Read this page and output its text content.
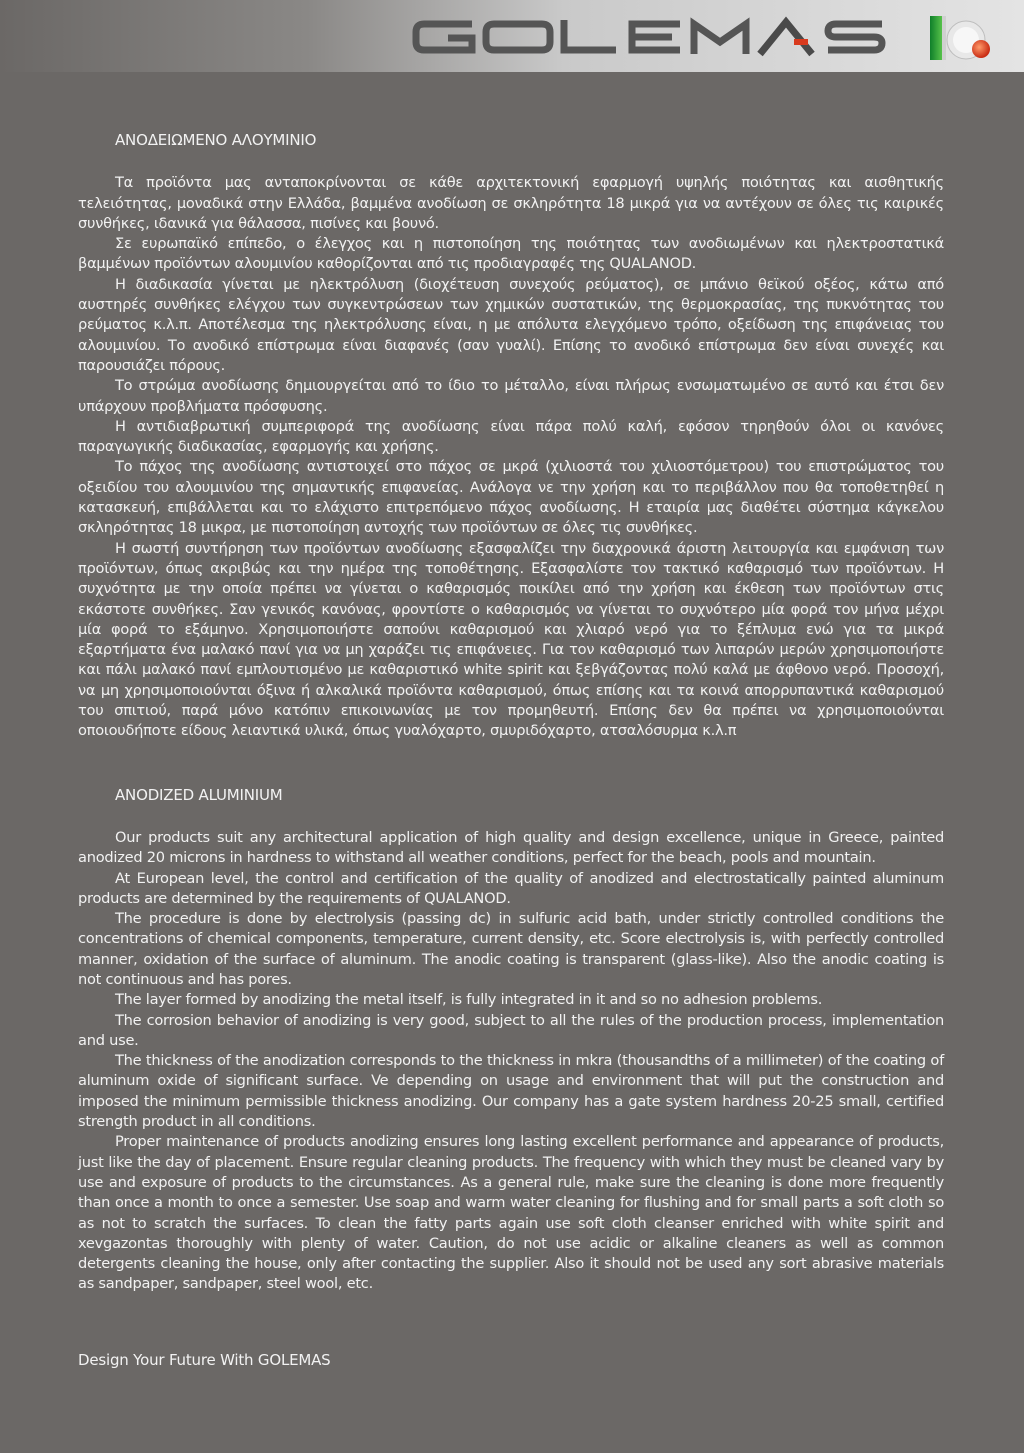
ΑΝΟΔΕΙΩΜΕΝΟ ΑΛΟΥΜΙΝΙΟ

Τα προϊόντα μας ανταποκρίνονται σε κάθε αρχιτεκτονική εφαρμογή υψηλής ποιότητας και αισθητικής τελειότητας, μοναδικά στην Ελλάδα, βαμμένα ανοδίωση σε σκληρότητα 18 μικρά για να αντέχουν σε όλες τις καιρικές συνθήκες, ιδανικά για θάλασσα, πισίνες και βουνό.

Σε ευρωπαϊκό επίπεδο, ο έλεγχος και η πιστοποίηση της ποιότητας των ανοδιωμένων και ηλεκτροστατικά βαμμένων προϊόντων αλουμινίου καθορίζονται από τις προδιαγραφές της QUALANOD.

Η διαδικασία γίνεται με ηλεκτρόλυση (διοχέτευση συνεχούς ρεύματος), σε μπάνιο θεϊκού οξέος, κάτω από αυστηρές συνθήκες ελέγχου των συγκεντρώσεων των χημικών συστατικών, της θερμοκρασίας, της πυκνότητας του ρεύματος κ.λ.π. Αποτέλεσμα της ηλεκτρόλυσης είναι, η με απόλυτα ελεγχόμενο τρόπο, οξείδωση της επιφάνειας του αλουμινίου. Το ανοδικό επίστρωμα είναι διαφανές (σαν γυαλί). Επίσης το ανοδικό επίστρωμα δεν είναι συνεχές και παρουσιάζει πόρους.

Το στρώμα ανοδίωσης δημιουργείται από το ίδιο το μέταλλο, είναι πλήρως ενσωματωμένο σε αυτό και έτσι δεν υπάρχουν προβλήματα πρόσφυσης.

Η αντιδιαβρωτική συμπεριφορά της ανοδίωσης είναι πάρα πολύ καλή, εφόσον τηρηθούν όλοι οι κανόνες παραγωγικής διαδικασίας, εφαρμογής και χρήσης.

Το πάχος της ανοδίωσης αντιστοιχεί στο πάχος σε μκρά (χιλιοστά του χιλιοστόμετρου) του επιστρώματος του οξειδίου του αλουμινίου της σημαντικής επιφανείας. Ανάλογα νε την χρήση και το περιβάλλον που θα τοποθετηθεί η κατασκευή, επιβάλλεται και το ελάχιστο επιτρεπόμενο πάχος ανοδίωσης. Η εταιρία μας διαθέτει σύστημα κάγκελου σκληρότητας 18 μικρα, με πιστοποίηση αντοχής των προϊόντων σε όλες τις συνθήκες.

Η σωστή συντήρηση των προϊόντων ανοδίωσης εξασφαλίζει την διαχρονικά άριστη λειτουργία και εμφάνιση των προϊόντων, όπως ακριβώς και την ημέρα της τοποθέτησης. Εξασφαλίστε τον τακτικό καθαρισμό των προϊόντων. Η συχνότητα με την οποία πρέπει να γίνεται ο καθαρισμός ποικίλει από την χρήση και έκθεση των προϊόντων στις εκάστοτε συνθήκες. Σαν γενικός κανόνας, φροντίστε ο καθαρισμός να γίνεται το συχνότερο μία φορά τον μήνα μέχρι μία φορά το εξάμηνο. Χρησιμοποιήστε σαπούνι καθαρισμού και χλιαρό νερό για το ξέπλυμα ενώ για τα μικρά εξαρτήματα ένα μαλακό πανί για να μη χαράζει τις επιφάνειες. Για τον καθαρισμό των λιπαρών μερών χρησιμοποιήστε και πάλι μαλακό πανί εμπλουτισμένο με καθαριστικό white spirit και ξεβγάζοντας πολύ καλά με άφθονο νερό. Προσοχή, να μη χρησιμοποιούνται όξινα ή αλκαλικά προϊόντα καθαρισμού, όπως επίσης και τα κοινά απορρυπαντικά καθαρισμού του σπιτιού, παρά μόνο κατόπιν επικοινωνίας με τον προμηθευτή. Επίσης δεν θα πρέπει να χρησιμοποιούνται οποιουδήποτε είδους λειαντικά υλικά, όπως γυαλόχαρτο, σμυριδόχαρτο, ατσαλόσυρμα κ.λ.π

ANODIZED ALUMINIUM

Our products suit any architectural application of high quality and design excellence, unique in Greece, painted anodized 20 microns in hardness to withstand all weather conditions, perfect for the beach, pools and mountain.

At European level, the control and certification of the quality of anodized and electrostatically painted aluminum products are determined by the requirements of QUALANOD.

The procedure is done by electrolysis (passing dc) in sulfuric acid bath, under strictly controlled conditions the concentrations of chemical components, temperature, current density, etc. Score electrolysis is, with perfectly controlled manner, oxidation of the surface of aluminum. The anodic coating is transparent (glass-like). Also the anodic coating is not continuous and has pores.

The layer formed by anodizing the metal itself, is fully integrated in it and so no adhesion problems.

The corrosion behavior of anodizing is very good, subject to all the rules of the production process, implementation and use.

The thickness of the anodization corresponds to the thickness in mkra (thousandths of a millimeter) of the coating of aluminum oxide of significant surface. Ve depending on usage and environment that will put the construction and imposed the minimum permissible thickness anodizing. Our company has a gate system hardness 20-25 small, certified strength product in all conditions.

Proper maintenance of products anodizing ensures long lasting excellent performance and appearance of products, just like the day of placement. Ensure regular cleaning products. The frequency with which they must be cleaned vary by use and exposure of products to the circumstances. As a general rule, make sure the cleaning is done more frequently than once a month to once a semester. Use soap and warm water cleaning for flushing and for small parts a soft cloth so as not to scratch the surfaces. To clean the fatty parts again use soft cloth cleanser enriched with white spirit and xevgazontas thoroughly with plenty of water. Caution, do not use acidic or alkaline cleaners as well as common detergents cleaning the house, only after contacting the supplier. Also it should not be used any sort abrasive materials as sandpaper, sandpaper, steel wool, etc.

Design Your Future With GOLEMAS
